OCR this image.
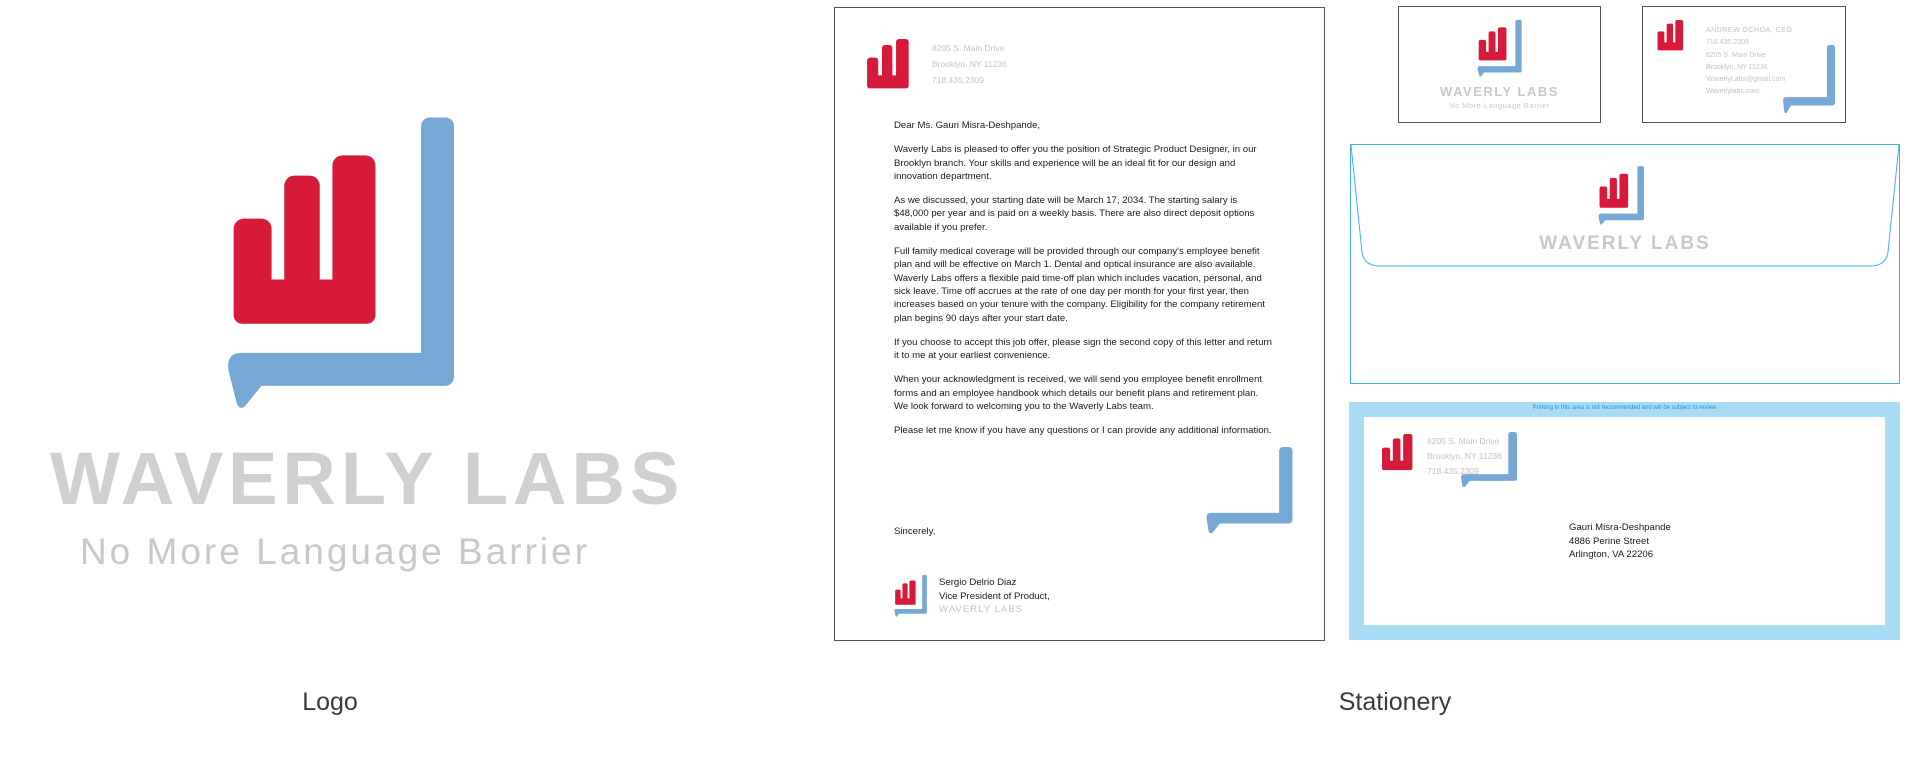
WAVERLY LABS
No More Language Barrier
Logo
8205 S. Main Drive
Brooklyn, NY 11236
718.435.2309

Dear Ms. Gauri Misra-Deshpande,

Waverly Labs is pleased to offer you the position of Strategic Product Designer, in our Brooklyn branch. Your skills and experience will be an ideal fit for our design and innovation department.

As we discussed, your starting date will be March 17, 2034. The starting salary is $48,000 per year and is paid on a weekly basis. There are also direct deposit options available if you prefer.

Full family medical coverage will be provided through our company's employee benefit plan and will be effective on March 1. Dental and optical insurance are also available. Waverly Labs offers a flexible paid time-off plan which includes vacation, personal, and sick leave. Time off accrues at the rate of one day per month for your first year, then increases based on your tenure with the company. Eligibility for the company retirement plan begins 90 days after your start date.

If you choose to accept this job offer, please sign the second copy of this letter and return it to me at your earliest convenience.

When your acknowledgment is received, we will send you employee benefit enrollment forms and an employee handbook which details our benefit plans and retirement plan. We look forward to welcoming you to the Waverly Labs team.

Please let me know if you have any questions or I can provide any additional information.

Sincerely,
Sergio Delrio Diaz
Vice President of Product,
WAVERLY LABS
WAVERLY LABS
No More Language Barrier
ANDREW OCHOA, CEO
718.435.2309
8205 S. Main Drive
Brooklyn, NY 11236
WaverlyLabs@gmail.com
Waverlylabs.com
WAVERLY LABS
Printing in this area is not recommended and will be subject to review
8205 S. Main Drive
Brooklyn, NY 11236
718.435.2309
Gauri Misra-Deshpande
4886 Perine Street
Arlington, VA 22206
Stationery
